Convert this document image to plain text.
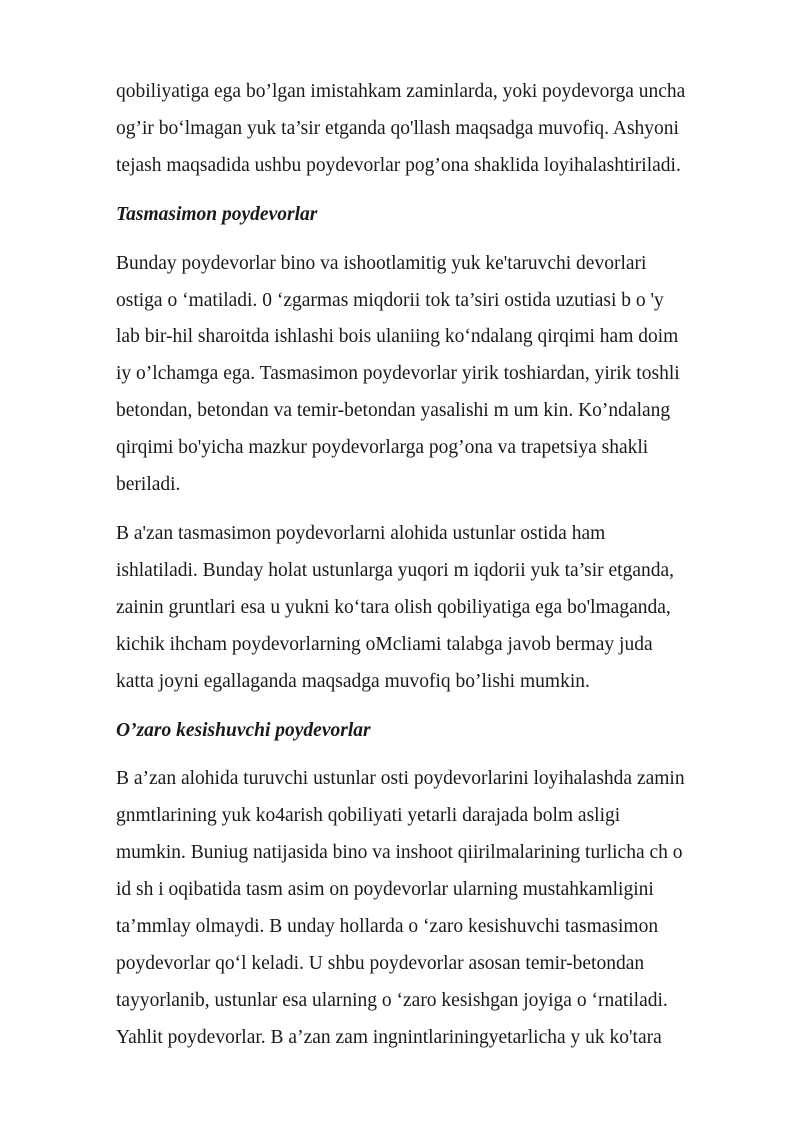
qobiliyatiga ega bo’lgan imistahkam zaminlarda, yoki poydevorga uncha
og’ir bo‘lmagan yuk ta’sir etganda qo'llash maqsadga muvofiq. Ashyoni
tejash maqsadida ushbu poydevorlar pog’ona shaklida loyihalashtiriladi.
Tasmasimon poydevorlar
Bunday poydevorlar bino va ishootlamitig yuk ke'taruvchi devorlari
ostiga o ‘matiladi. 0 ‘zgarmas miqdorii tok ta’siri ostida uzutiasi b o 'y
lab bir-hil sharoitda ishlashi bois ulaniing ko‘ndalang qirqimi ham doim
iy o’lchamga ega. Tasmasimon poydevorlar yirik toshiardan, yirik toshli
betondan, betondan va temir-betondan yasalishi m um kin. Ko’ndalang
qirqimi bo'yicha mazkur poydevorlarga pog’ona va trapetsiya shakli
beriladi.
B a'zan tasmasimon poydevorlarni alohida ustunlar ostida ham
ishlatiladi. Bunday holat ustunlarga yuqori m iqdorii yuk ta’sir etganda,
zainin gruntlari esa u yukni ko‘tara olish qobiliyatiga ega bo'lmaganda,
kichik ihcham poydevorlarning oMcliami talabga javob bermay juda
katta joyni egallaganda maqsadga muvofiq bo’lishi mumkin.
O’zaro kesishuvchi poydevorlar
B a’zan alohida turuvchi ustunlar osti poydevorlarini loyihalashda zamin
gnmtlarining yuk ko4arish qobiliyati yetarli darajada bolm asligi
mumkin. Buniug natijasida bino va inshoot qiirilmalarining turlicha ch o
id sh i oqibatida tasm asim on poydevorlar ularning mustahkamligini
ta’mmlay olmaydi. B unday hollarda o ‘zaro kesishuvchi tasmasimon
poydevorlar qo‘l keladi. U shbu poydevorlar asosan temir-betondan
tayyorlanib, ustunlar esa ularning o ‘zaro kesishgan joyiga o ‘rnatiladi.
Yahlit poydevorlar. B a’zan zam ingnintlariningyetarlicha y uk ko'tara
